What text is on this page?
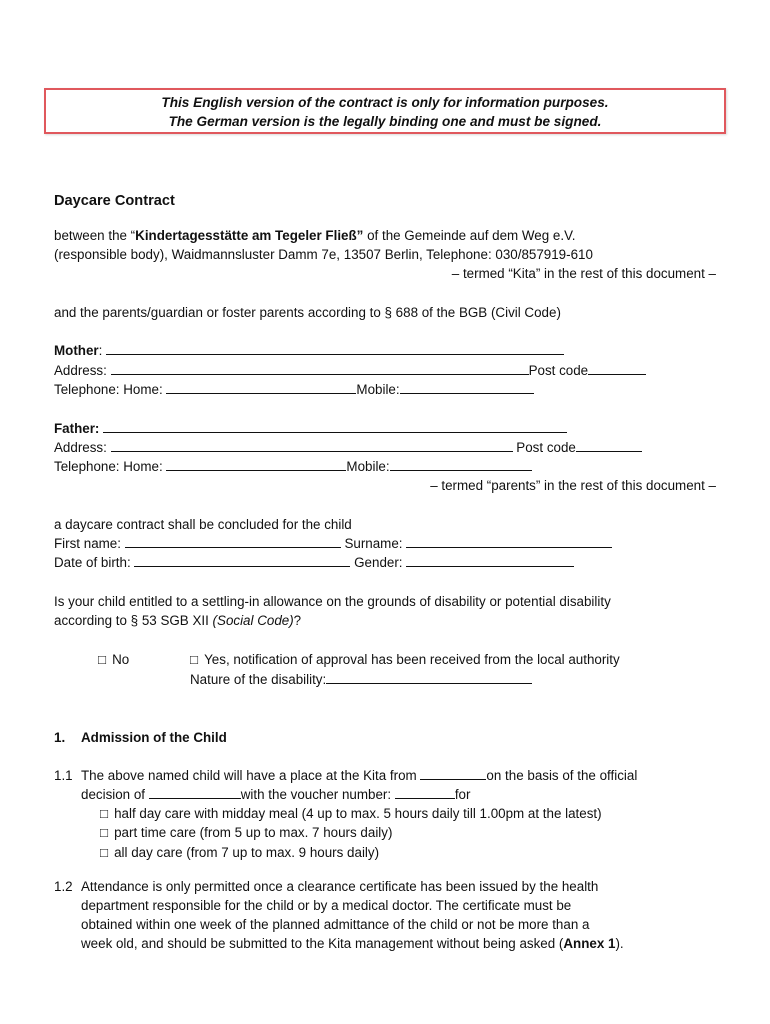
This English version of the contract is only for information purposes.
The German version is the legally binding one and must be signed.
Daycare Contract
between the “Kindertagesstätte am Tegeler Fließ” of the Gemeinde auf dem Weg e.V.
(responsible body), Waidmannsluster Damm 7e, 13507 Berlin, Telephone: 030/857919-610
– termed “Kita” in the rest of this document –
and the parents/guardian or foster parents according to § 688 of the BGB (Civil Code)
Mother:
Address:	Post code
Telephone: Home:	Mobile:
Father:
Address:	Post code
Telephone: Home:	Mobile:
– termed “parents” in the rest of this document –
a daycare contract shall be concluded for the child
First name:	Surname:
Date of birth:	Gender:
Is your child entitled to a settling-in allowance on the grounds of disability or potential disability
according to § 53 SGB XII (Social Code)?
□ No	□ Yes, notification of approval has been received from the local authority
Nature of the disability:
1. Admission of the Child
1.1 The above named child will have a place at the Kita from	on the basis of the official
decision of	with the voucher number:	for
□ half day care with midday meal (4 up to max. 5 hours daily till 1.00pm at the latest)
□ part time care (from 5 up to max. 7 hours daily)
□ all day care (from 7 up to max. 9 hours daily)
1.2 Attendance is only permitted once a clearance certificate has been issued by the health
department responsible for the child or by a medical doctor. The certificate must be
obtained within one week of the planned admittance of the child or not be more than a
week old, and should be submitted to the Kita management without being asked (Annex 1).
